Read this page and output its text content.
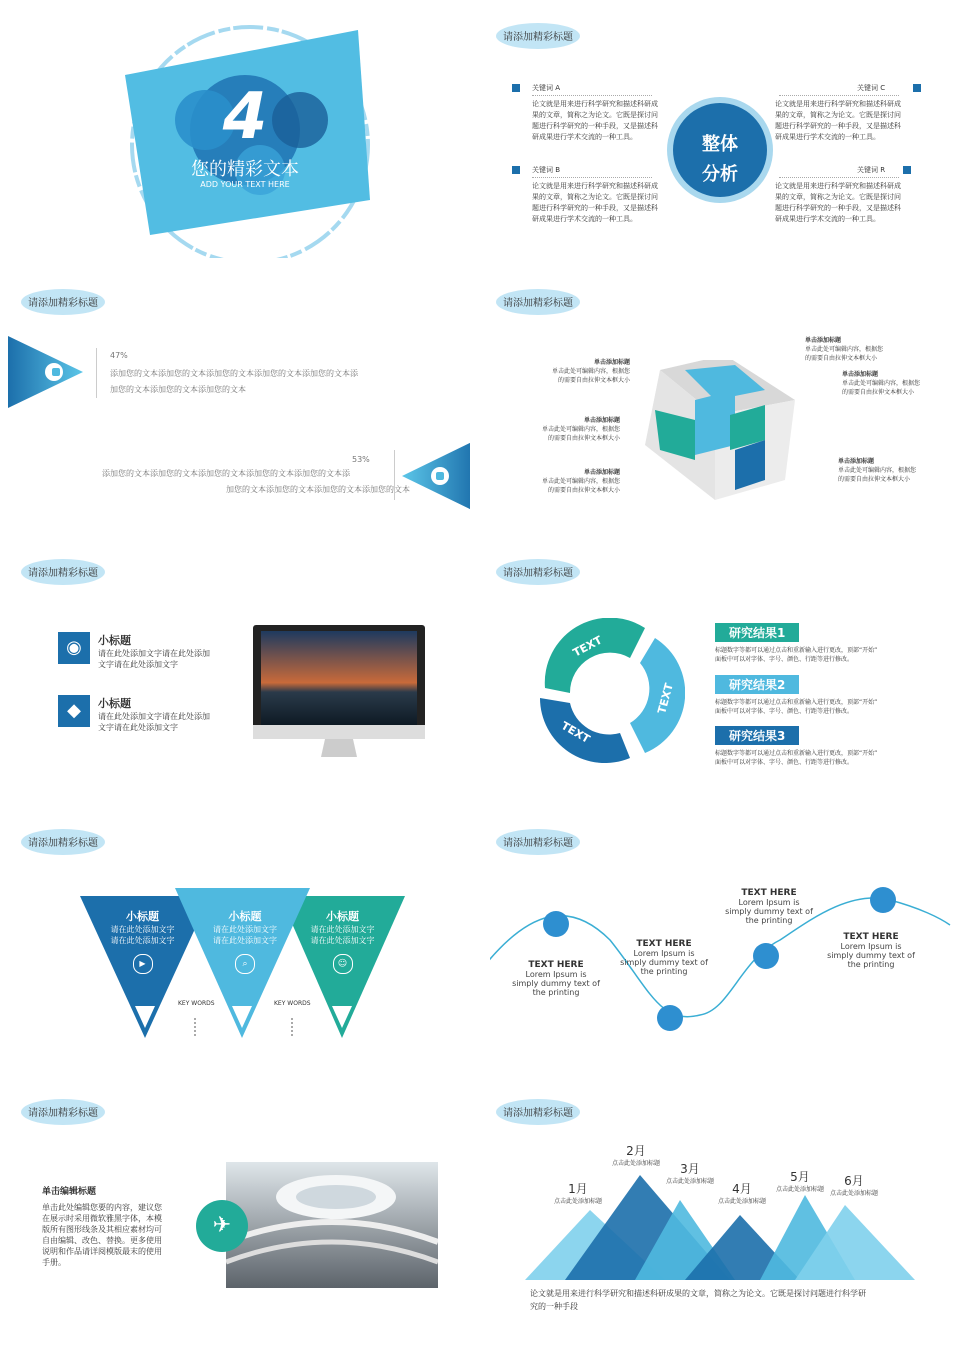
4
您的精彩文本
ADD YOUR TEXT HERE
请添加精彩标题
关键词 A
论文就是用来进行科学研究和描述科研成果的文章，简称之为论文。它既是探讨问题进行科学研究的一种手段，又是描述科研成果进行学术交流的一种工具。
关键词 B
论文就是用来进行科学研究和描述科研成果的文章，简称之为论文。它既是探讨问题进行科学研究的一种手段，又是描述科研成果进行学术交流的一种工具。
整体
分析
关键词 C
论文就是用来进行科学研究和描述科研成果的文章，简称之为论文。它既是探讨问题进行科学研究的一种手段，又是描述科研成果进行学术交流的一种工具。
关键词 R
论文就是用来进行科学研究和描述科研成果的文章，简称之为论文。它既是探讨问题进行科学研究的一种手段，又是描述科研成果进行学术交流的一种工具。
请添加精彩标题
47%
添加您的文本添加您的文本添加您的文本添加您的文本添加您的文本添
加您的文本添加您的文本添加您的文本
53%
添加您的文本添加您的文本添加您的文本添加您的文本添加您的文本添
加您的文本添加您的文本添加您的文本添加您的文本
请添加精彩标题
单击添加标题
单击此处可编辑内容，根据您
的需要自由拉伸文本框大小
单击添加标题
单击此处可编辑内容，根据您
的需要自由拉伸文本框大小
单击添加标题
单击此处可编辑内容，根据您
的需要自由拉伸文本框大小
单击添加标题
单击此处可编辑内容，根据您
的需要自由拉伸文本框大小
单击添加标题
单击此处可编辑内容，根据您
的需要自由拉伸文本框大小
单击添加标题
单击此处可编辑内容，根据您
的需要自由拉伸文本框大小
请添加精彩标题
◉	小标题
请在此处添加文字请在此处添加
文字请在此处添加文字
◆	小标题
请在此处添加文字请在此处添加
文字请在此处添加文字
请添加精彩标题
TEXT
TEXT
TEXT
研究结果1
标题数字等都可以通过点击和重新输入进行更改，顶部“开始”
面板中可以对字体、字号、颜色、行距等进行修改。
研究结果2
标题数字等都可以通过点击和重新输入进行更改，顶部“开始”
面板中可以对字体、字号、颜色、行距等进行修改。
研究结果3
标题数字等都可以通过点击和重新输入进行更改，顶部“开始”
面板中可以对字体、字号、颜色、行距等进行修改。
请添加精彩标题
小标题
请在此处添加文字
请在此处添加文字
▶
小标题
请在此处添加文字
请在此处添加文字
⌕
小标题
请在此处添加文字
请在此处添加文字
☺
KEY WORDS	KEY WORDS
请添加精彩标题
TEXT HERE
Lorem Ipsum is
simply dummy text of
the printing
TEXT HERE
Lorem Ipsum is
simply dummy text of
the printing
TEXT HERE
Lorem Ipsum is
simply dummy text of
the printing
TEXT HERE
Lorem Ipsum is
simply dummy text of
the printing
请添加精彩标题
单击编辑标题
单击此处编辑您要的内容，建议您
在展示时采用微软雅黑字体，本模
版所有图形线条及其相应素材均可
自由编辑、改色、替换。更多使用
说明和作品请详阅模版最末的使用
手册。
✈
请添加精彩标题
1月
点击此处添加标题
2月
点击此处添加标题	3月
点击此处添加标题
4月
点击此处添加标题
5月
点击此处添加标题
6月
点击此处添加标题
论文就是用来进行科学研究和描述科研成果的文章，简称之为论文。它既是探讨问题进行科学研
究的一种手段
